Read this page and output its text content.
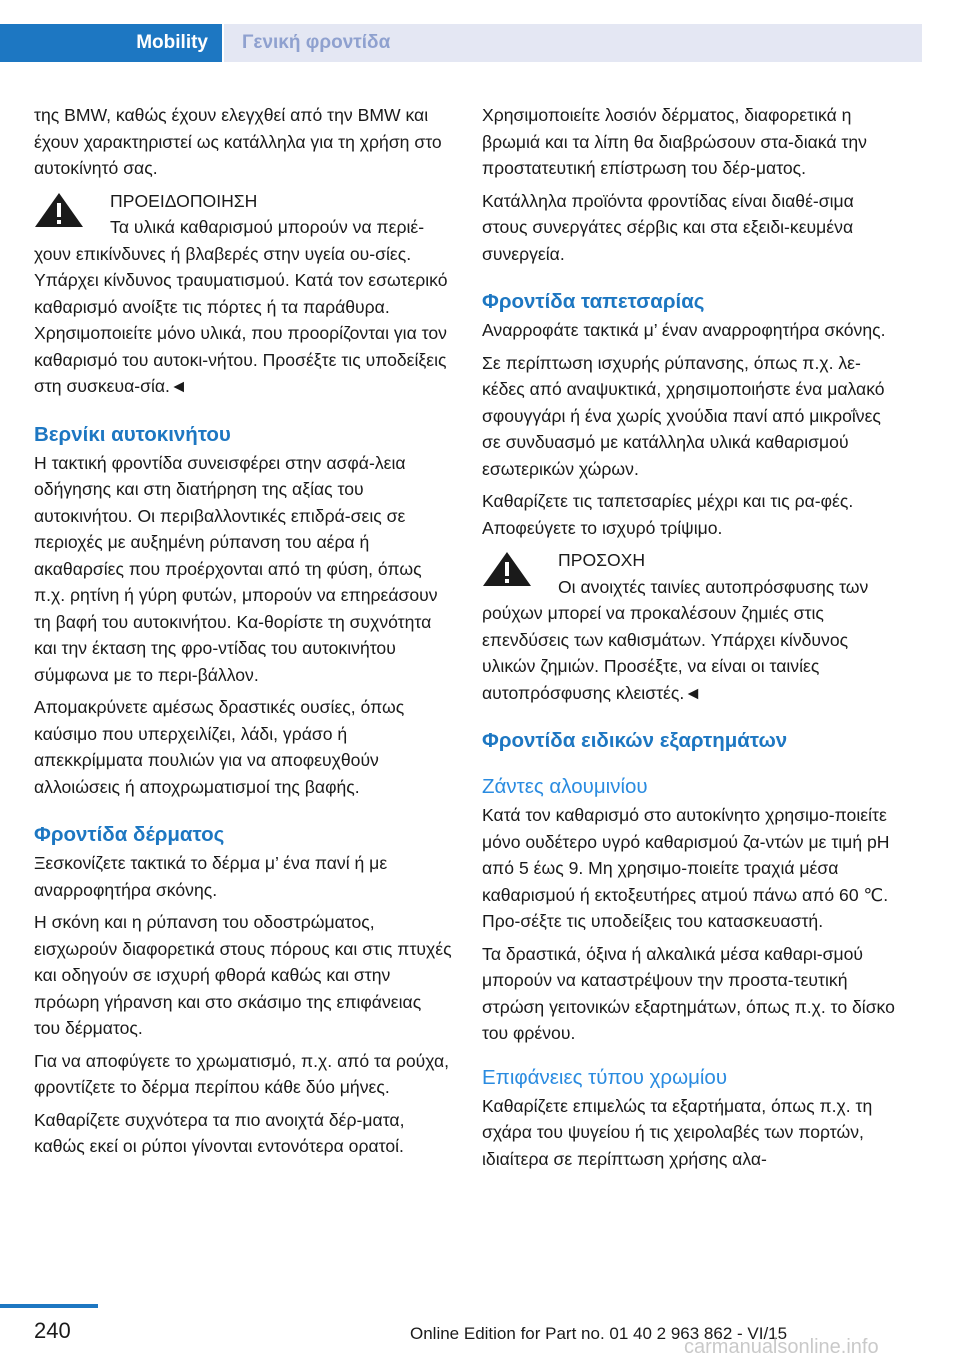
Mobility Γενική φροντίδα

της BMW, καθώς έχουν ελεγχθεί από την BMW και έχουν χαρακτηριστεί ως κατάλληλα για τη χρήση στο αυτοκίνητό σας.

ΠΡΟΕΙΔΟΠΟΙΗΣΗ
Τα υλικά καθαρισμού μπορούν να περιέ‐
χουν επικίνδυνες ή βλαβερές στην υγεία ου‐σίες. Υπάρχει κίνδυνος τραυματισμού. Κατά τον εσωτερικό καθαρισμό ανοίξτε τις πόρτες ή τα παράθυρα. Χρησιμοποιείτε μόνο υλικά, που προορίζονται για τον καθαρισμό του αυτοκι‐νήτου. Προσέξτε τις υποδείξεις στη συσκευα‐σία.◄
Βερνίκι αυτοκινήτου

Η τακτική φροντίδα συνεισφέρει στην ασφά‐λεια οδήγησης και στη διατήρηση της αξίας του αυτοκινήτου. Οι περιβαλλοντικές επιδρά‐σεις σε περιοχές με αυξημένη ρύπανση του αέρα ή ακαθαρσίες που προέρχονται από τη φύση, όπως π.χ. ρητίνη ή γύρη φυτών, μπορούν να επηρεάσουν τη βαφή του αυτοκινήτου. Κα‐θορίστε τη συχνότητα και την έκταση της φρο‐ντίδας του αυτοκινήτου σύμφωνα με το περι‐βάλλον.

Απομακρύνετε αμέσως δραστικές ουσίες, όπως καύσιμο που υπερχειλίζει, λάδι, γράσο ή απεκκρίμματα πουλιών για να αποφευχθούν αλλοιώσεις ή αποχρωματισμοί της βαφής.

Φροντίδα δέρματος

Ξεσκονίζετε τακτικά το δέρμα μ’ ένα πανί ή με αναρροφητήρα σκόνης.

Η σκόνη και η ρύπανση του οδοστρώματος, εισχωρούν διαφορετικά στους πόρους και στις πτυχές και οδηγούν σε ισχυρή φθορά καθώς και στην πρόωρη γήρανση και στο σκάσιμο της επιφάνειας του δέρματος.

Για να αποφύγετε το χρωματισμό, π.χ. από τα ρούχα, φροντίζετε το δέρμα περίπου κάθε δύο μήνες.

Καθαρίζετε συχνότερα τα πιο ανοιχτά δέρ‐ματα, καθώς εκεί οι ρύποι γίνονται εντονότερα ορατοί.

Χρησιμοποιείτε λοσιόν δέρματος, διαφορετικά η βρωμιά και τα λίπη θα διαβρώσουν στα‐διακά την προστατευτική επίστρωση του δέρ‐ματος.

Κατάλληλα προϊόντα φροντίδας είναι διαθέ‐σιμα στους συνεργάτες σέρβις και στα εξειδι‐κευμένα συνεργεία.

Φροντίδα ταπετσαρίας

Αναρροφάτε τακτικά μ’ έναν αναρροφητήρα σκόνης.

Σε περίπτωση ισχυρής ρύπανσης, όπως π.χ. λε‐κέδες από αναψυκτικά, χρησιμοποιήστε ένα μαλακό σφουγγάρι ή ένα χωρίς χνούδια πανί από μικροΐνες σε συνδυασμό με κατάλληλα υλικά καθαρισμού εσωτερικών χώρων.

Καθαρίζετε τις ταπετσαρίες μέχρι και τις ρα‐φές. Αποφεύγετε το ισχυρό τρίψιμο.

ΠΡΟΣΟΧΗ
Οι ανοιχτές ταινίες αυτοπρόσφυσης των
ρούχων μπορεί να προκαλέσουν ζημιές στις επενδύσεις των καθισμάτων. Υπάρχει κίνδυνος υλικών ζημιών. Προσέξτε, να είναι οι ταινίες αυτοπρόσφυσης κλειστές.◄
Φροντίδα ειδικών εξαρτημάτων
Ζάντες αλουμινίου

Κατά τον καθαρισμό στο αυτοκίνητο χρησιμο‐ποιείτε μόνο ουδέτερο υγρό καθαρισμού ζα‐ντών με τιμή pH από 5 έως 9. Μη χρησιμο‐ποιείτε τραχιά μέσα καθαρισμού ή εκτοξευτήρες ατμού πάνω από 60 ℃. Προ‐σέξτε τις υποδείξεις του κατασκευαστή.

Τα δραστικά, όξινα ή αλκαλικά μέσα καθαρι‐σμού μπορούν να καταστρέψουν την προστα‐τευτική στρώση γειτονικών εξαρτημάτων, όπως π.χ. το δίσκο του φρένου.

Επιφάνειες τύπου χρωμίου

Καθαρίζετε επιμελώς τα εξαρτήματα, όπως π.χ. τη σχάρα του ψυγείου ή τις χειρολαβές των πορτών, ιδιαίτερα σε περίπτωση χρήσης αλα‐

240	Online Edition for Part no. 01 40 2 963 862 - VI/15
carmanualsonline.info
